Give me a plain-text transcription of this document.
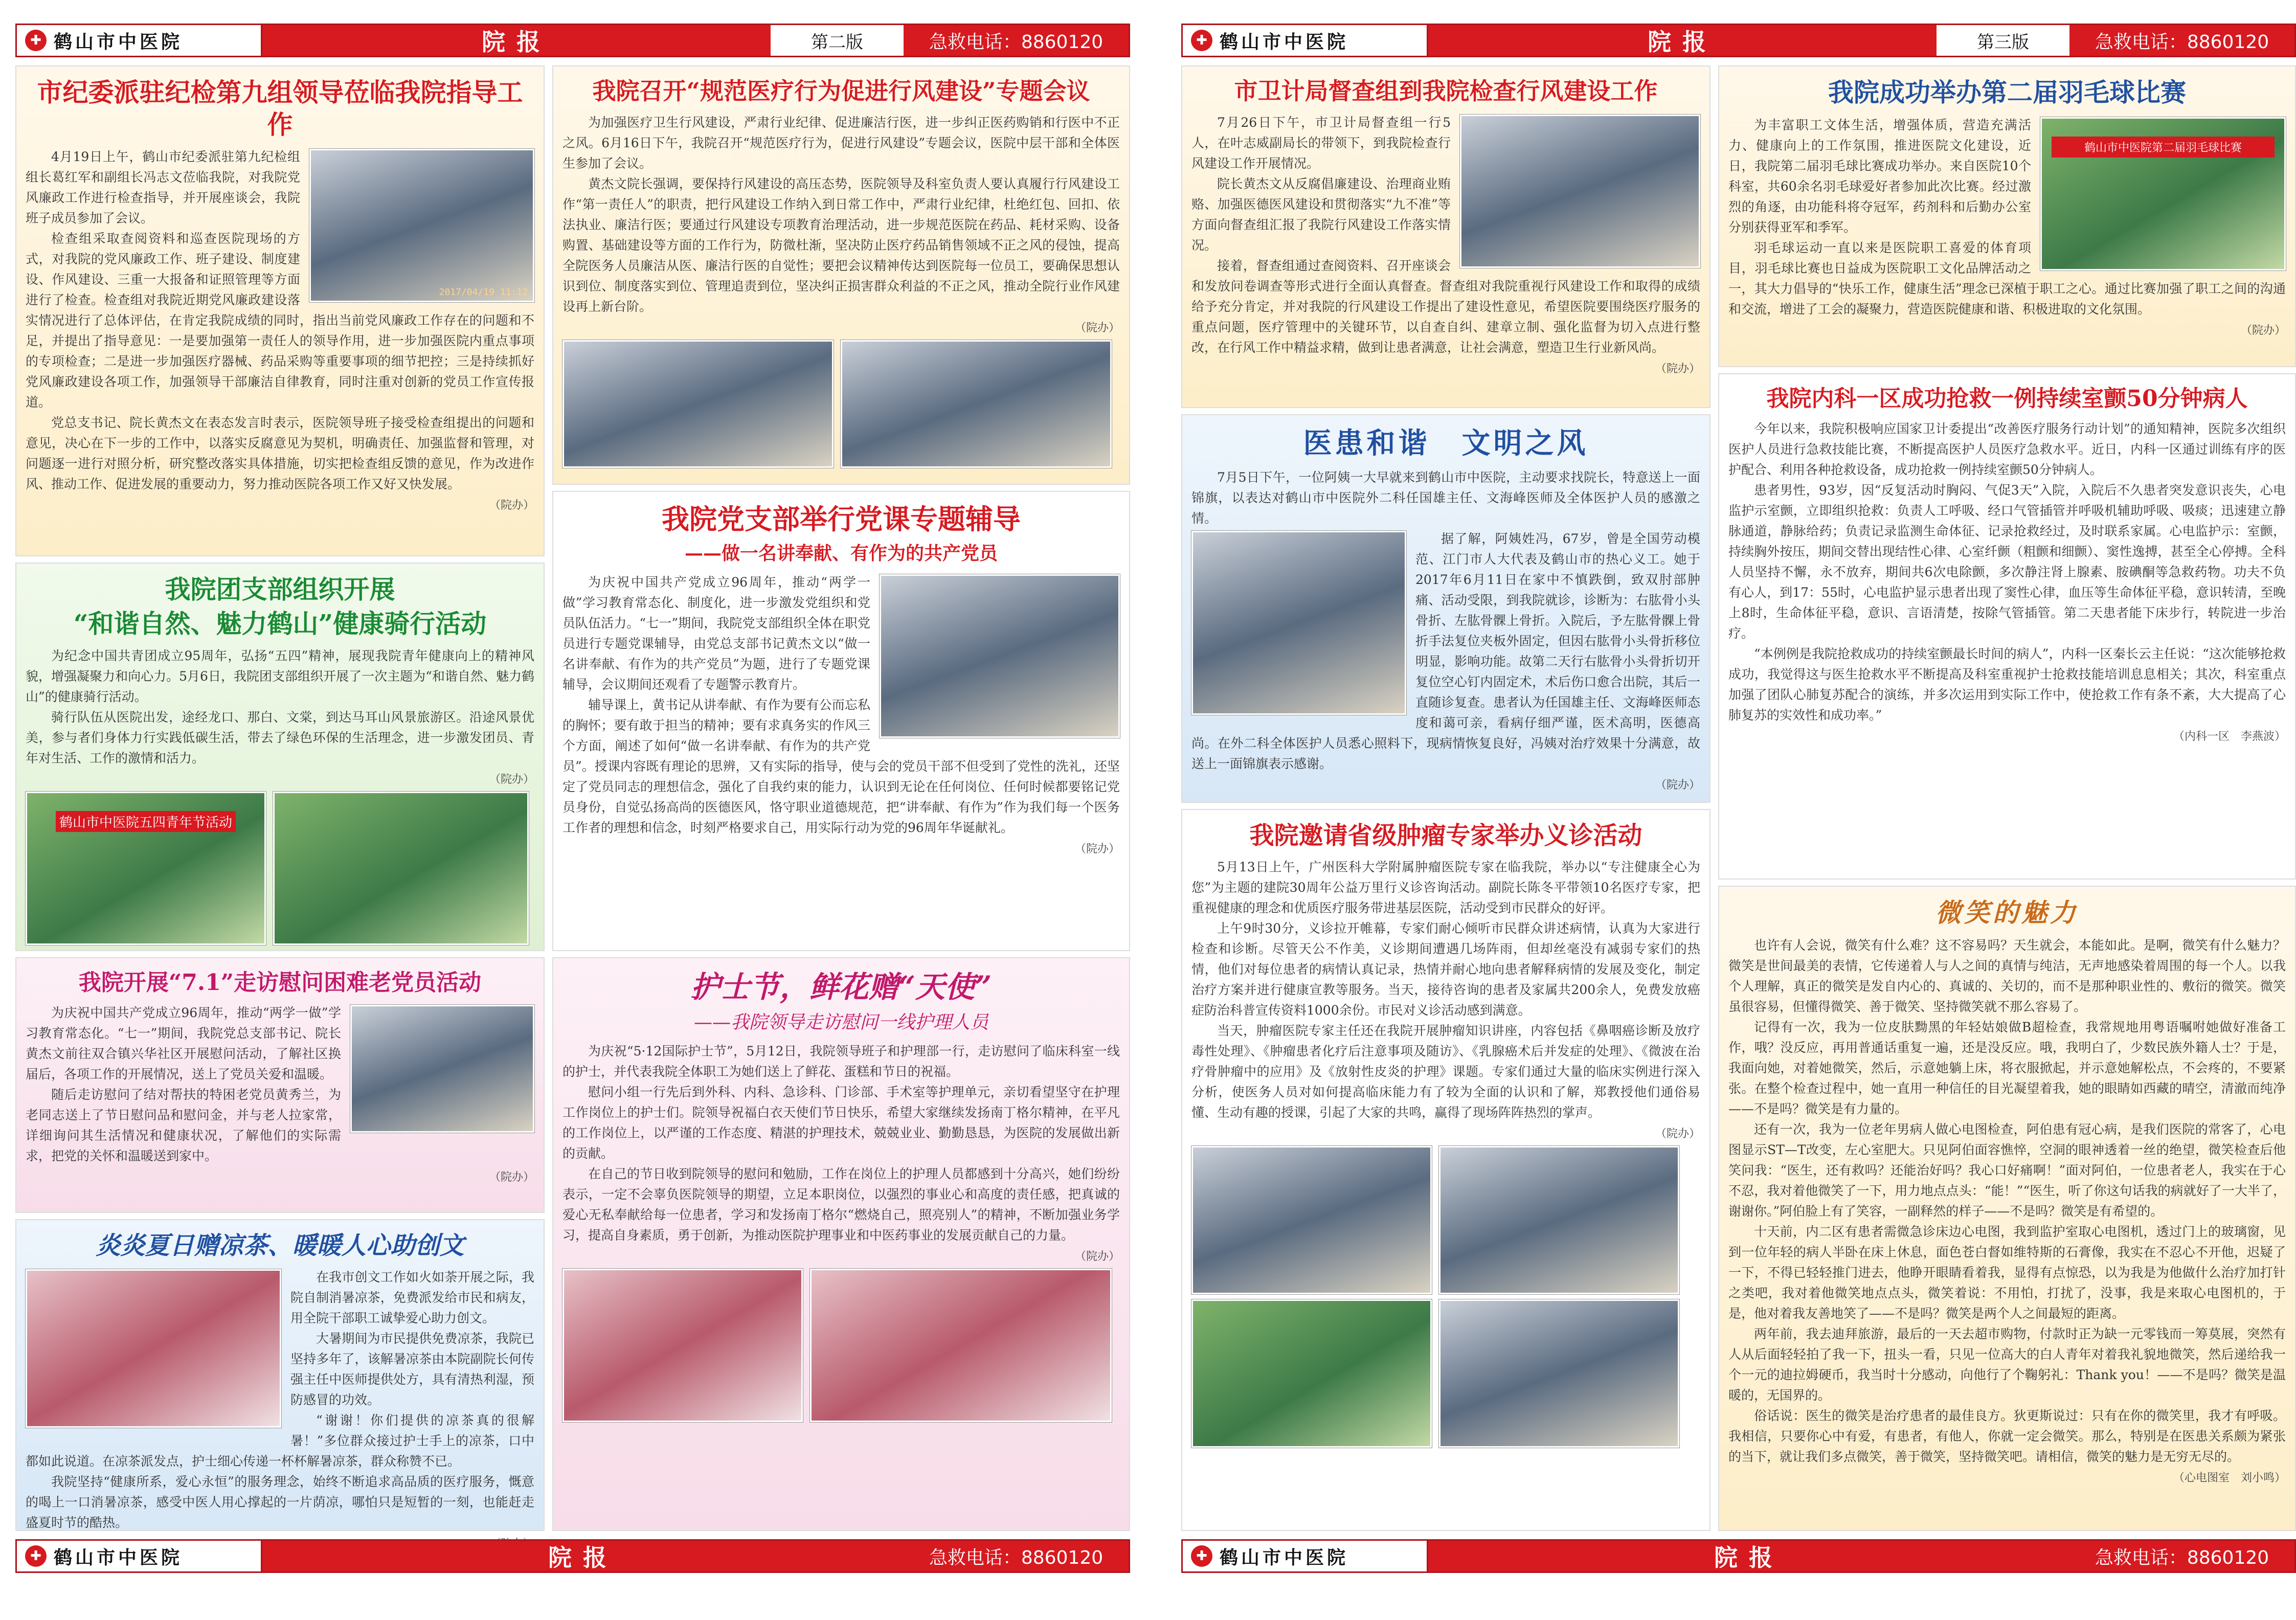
✚ 鹤山市中医院	院报	第二版	急救电话：8860120
市纪委派驻纪检第九组领导莅临我院指导工作
2017/04/19 11:12

4月19日上午，鹤山市纪委派驻第九纪检组组长葛红军和副组长冯志文莅临我院，对我院党风廉政工作进行检查指导，并开展座谈会，我院班子成员参加了会议。

检查组采取查阅资料和巡查医院现场的方式，对我院的党风廉政工作、班子建设、制度建设、作风建设、三重一大报备和证照管理等方面进行了检查。检查组对我院近期党风廉政建设落实情况进行了总体评估，在肯定我院成绩的同时，指出当前党风廉政工作存在的问题和不足，并提出了指导意见：一是要加强第一责任人的领导作用，进一步加强医院内重点事项的专项检查；二是进一步加强医疗器械、药品采购等重要事项的细节把控；三是持续抓好党风廉政建设各项工作，加强领导干部廉洁自律教育，同时注重对创新的党员工作宣传报道。

党总支书记、院长黄杰文在表态发言时表示，医院领导班子接受检查组提出的问题和意见，决心在下一步的工作中，以落实反腐意见为契机，明确责任、加强监督和管理，对问题逐一进行对照分析，研究整改落实具体措施，切实把检查组反馈的意见，作为改进作风、推动工作、促进发展的重要动力，努力推动医院各项工作又好又快发展。

（院办）
我院团支部组织开展
“和谐自然、魅力鹤山”健康骑行活动

为纪念中国共青团成立95周年，弘扬“五四”精神，展现我院青年健康向上的精神风貌，增强凝聚力和向心力。5月6日，我院团支部组织开展了一次主题为“和谐自然、魅力鹤山”的健康骑行活动。

骑行队伍从医院出发，途经龙口、那白、文棠，到达马耳山风景旅游区。沿途风景优美，参与者们身体力行实践低碳生活，带去了绿色环保的生活理念，进一步激发团员、青年对生活、工作的激情和活力。

（院办）
鹤山市中医院五四青年节活动
我院开展“7.1”走访慰问困难老党员活动

为庆祝中国共产党成立96周年，推动“两学一做”学习教育常态化。“七一”期间，我院党总支部书记、院长黄杰文前往双合镇兴华社区开展慰问活动，了解社区换届后，各项工作的开展情况，送上了党员关爱和温暖。

随后走访慰问了结对帮扶的特困老党员黄秀兰，为老同志送上了节日慰问品和慰问金，并与老人拉家常，详细询问其生活情况和健康状况，了解他们的实际需求，把党的关怀和温暖送到家中。

（院办）
炎炎夏日赠凉茶、暖暖人心助创文

在我市创文工作如火如荼开展之际，我院自制消暑凉茶，免费派发给市民和病友，用全院干部职工诚挚爱心助力创文。

大暑期间为市民提供免费凉茶，我院已坚持多年了，该解暑凉茶由本院副院长何传强主任中医师提供处方，具有清热利湿，预防感冒的功效。

“谢谢！你们提供的凉茶真的很解暑！”多位群众接过护士手上的凉茶，口中都如此说道。在凉茶派发点，护士细心传递一杯杯解暑凉茶，群众称赞不已。

我院坚持“健康所系，爱心永恒”的服务理念，始终不断追求高品质的医疗服务，慨意的喝上一口消暑凉茶，感受中医人用心撑起的一片荫凉，哪怕只是短暂的一刻，也能赶走盛夏时节的酷热。

我院召开“规范医疗行为促进行风建设”专题会议

为加强医疗卫生行风建设，严肃行业纪律、促进廉洁行医，进一步纠正医药购销和行医中不正之风。6月16日下午，我院召开“规范医疗行为，促进行风建设”专题会议，医院中层干部和全体医生参加了会议。

黄杰文院长强调，要保持行风建设的高压态势，医院领导及科室负责人要认真履行行风建设工作“第一责任人”的职责，把行风建设工作纳入到日常工作中，严肃行业纪律，杜绝红包、回扣、依法执业、廉洁行医；要通过行风建设专项教育治理活动，进一步规范医院在药品、耗材采购、设备购置、基础建设等方面的工作行为，防微杜渐，坚决防止医疗药品销售领域不正之风的侵蚀，提高全院医务人员廉洁从医、廉洁行医的自觉性；要把会议精神传达到医院每一位员工，要确保思想认识到位、制度落实到位、管理追责到位，坚决纠正损害群众利益的不正之风，推动全院行业作风建设再上新台阶。

（院办）
我院党支部举行党课专题辅导
——做一名讲奉献、有作为的共产党员

为庆祝中国共产党成立96周年，推动“两学一做”学习教育常态化、制度化，进一步激发党组织和党员队伍活力。“七一”期间，我院党支部组织全体在职党员进行专题党课辅导，由党总支部书记黄杰文以“做一名讲奉献、有作为的共产党员”为题，进行了专题党课辅导，会议期间还观看了专题警示教育片。

辅导课上，黄书记从讲奉献、有作为要有公而忘私的胸怀；要有敢于担当的精神；要有求真务实的作风三个方面，阐述了如何“做一名讲奉献、有作为的共产党员”。授课内容既有理论的思辨，又有实际的指导，使与会的党员干部不但受到了党性的洗礼，还坚定了党员同志的理想信念，强化了自我约束的能力，认识到无论在任何岗位、任何时候都要铭记党员身份，自觉弘扬高尚的医德医风，恪守职业道德规范，把“讲奉献、有作为”作为我们每一个医务工作者的理想和信念，时刻严格要求自己，用实际行动为党的96周年华诞献礼。

（院办）
护士节，鲜花赠“天使”
——我院领导走访慰问一线护理人员

为庆祝“5·12国际护士节”，5月12日，我院领导班子和护理部一行，走访慰问了临床科室一线的护士，并代表我院全体职工为她们送上了鲜花、蛋糕和节日的祝福。

慰问小组一行先后到外科、内科、急诊科、门诊部、手术室等护理单元，亲切看望坚守在护理工作岗位上的护士们。院领导祝福白衣天使们节日快乐，希望大家继续发扬南丁格尔精神，在平凡的工作岗位上，以严谨的工作态度、精湛的护理技术，兢兢业业、勤勤恳恳，为医院的发展做出新的贡献。

在自己的节日收到院领导的慰问和勉励，工作在岗位上的护理人员都感到十分高兴，她们纷纷表示，一定不会辜负医院领导的期望，立足本职岗位，以强烈的事业心和高度的责任感，把真诚的爱心无私奉献给每一位患者，学习和发扬南丁格尔“燃烧自己，照亮别人”的精神，不断加强业务学习，提高自身素质，勇于创新，为推动医院护理事业和中医药事业的发展贡献自己的力量。

（院办）
✚ 鹤山市中医院	院报	急救电话：8860120
✚ 鹤山市中医院	院报	第三版	急救电话：8860120
市卫计局督查组到我院检查行风建设工作

7月26日下午，市卫计局督查组一行5人，在叶志威副局长的带领下，到我院检查行风建设工作开展情况。

院长黄杰文从反腐倡廉建设、治理商业贿赂、加强医德医风建设和贯彻落实“九不准”等方面向督查组汇报了我院行风建设工作落实情况。

接着，督查组通过查阅资料、召开座谈会和发放问卷调查等形式进行全面认真督查。督查组对我院重视行风建设工作和取得的成绩给予充分肯定，并对我院的行风建设工作提出了建设性意见，希望医院要围绕医疗服务的重点问题，医疗管理中的关键环节，以自查自纠、建章立制、强化监督为切入点进行整改，在行风工作中精益求精，做到让患者满意，让社会满意，塑造卫生行业新风尚。

（院办）
医患和谐　文明之风

7月5日下午，一位阿姨一大早就来到鹤山市中医院，主动要求找院长，特意送上一面锦旗，以表达对鹤山市中医院外二科任国雄主任、文海峰医师及全体医护人员的感激之情。

据了解，阿姨姓冯，67岁，曾是全国劳动模范、江门市人大代表及鹤山市的热心义工。她于2017年6月11日在家中不慎跌倒，致双肘部肿痛、活动受限，到我院就诊，诊断为：右肱骨小头骨折、左肱骨髁上骨折。入院后，予左肱骨髁上骨折手法复位夹板外固定，但因右肱骨小头骨折移位明显，影响功能。故第二天行右肱骨小头骨折切开复位空心钉内固定术，术后伤口愈合出院，其后一直随诊复查。患者认为任国雄主任、文海峰医师态度和蔼可亲，看病仔细严谨，医术高明，医德高尚。在外二科全体医护人员悉心照料下，现病情恢复良好，冯姨对治疗效果十分满意，故送上一面锦旗表示感谢。

（院办）
我院邀请省级肿瘤专家举办义诊活动

5月13日上午，广州医科大学附属肿瘤医院专家在临我院，举办以“专注健康全心为您”为主题的建院30周年公益万里行义诊咨询活动。副院长陈冬平带领10名医疗专家，把重视健康的理念和优质医疗服务带进基层医院，活动受到市民群众的好评。

上午9时30分，义诊拉开帷幕，专家们耐心倾听市民群众讲述病情，认真为大家进行检查和诊断。尽管天公不作美，义诊期间遭遇几场阵雨，但却丝毫没有减弱专家们的热情，他们对每位患者的病情认真记录，热情并耐心地向患者解释病情的发展及变化，制定治疗方案并进行健康宣教等服务。当天，接待咨询的患者及家属共200余人，免费发放癌症防治科普宣传资料1000余份。市民对义诊活动感到满意。

当天，肿瘤医院专家主任还在我院开展肿瘤知识讲座，内容包括《鼻咽癌诊断及放疗毒性处理》、《肿瘤患者化疗后注意事项及随访》、《乳腺癌术后并发症的处理》、《微波在治疗骨肿瘤中的应用》及《放射性皮炎的护理》课题。专家们通过大量的临床实例进行深入分析，使医务人员对如何提高临床能力有了较为全面的认识和了解，郑教授他们通俗易懂、生动有趣的授课，引起了大家的共鸣，赢得了现场阵阵热烈的掌声。

（院办）
我院成功举办第二届羽毛球比赛
鹤山市中医院第二届羽毛球比赛

为丰富职工文体生活，增强体质，营造充满活力、健康向上的工作氛围，推进医院文化建设，近日，我院第二届羽毛球比赛成功举办。来自医院10个科室，共60余名羽毛球爱好者参加此次比赛。经过激烈的角逐，由功能科将夺冠军，药剂科和后勤办公室分别获得亚军和季军。

羽毛球运动一直以来是医院职工喜爱的体育项目，羽毛球比赛也日益成为医院职工文化品牌活动之一，其大力倡导的“快乐工作，健康生活”理念已深植于职工之心。通过比赛加强了职工之间的沟通和交流，增进了工会的凝聚力，营造医院健康和谐、积极进取的文化氛围。

（院办）
我院内科一区成功抢救一例持续室颤50分钟病人

今年以来，我院积极响应国家卫计委提出“改善医疗服务行动计划”的通知精神，医院多次组织医护人员进行急救技能比赛，不断提高医护人员医疗急救水平。近日，内科一区通过训练有序的医护配合、利用各种抢救设备，成功抢救一例持续室颤50分钟病人。

患者男性，93岁，因“反复活动时胸闷、气促3天”入院，入院后不久患者突发意识丧失，心电监护示室颤，立即组织抢救：负责人工呼吸、经口气管插管并呼吸机辅助呼吸、吸痰；迅速建立静脉通道，静脉给药；负责记录监测生命体征、记录抢救经过，及时联系家属。心电监护示：室颤，持续胸外按压，期间交替出现结性心律、心室纤颤（粗颤和细颤）、窦性逸搏，甚至全心停搏。全科人员坚持不懈，永不放弃，期间共6次电除颤，多次静注肾上腺素、胺碘酮等急救药物。功夫不负有心人，到17：55时，心电监护显示患者出现了窦性心律，血压等生命体征平稳，意识转清，至晚上8时，生命体征平稳，意识、言语清楚，按除气管插管。第二天患者能下床步行，转院进一步治疗。

“本例例是我院抢救成功的持续室颤最长时间的病人”，内科一区秦长云主任说：“这次能够抢救成功，我觉得这与医生抢救水平不断提高及科室重视护士抢救技能培训息息相关；其次，科室重点加强了团队心肺复苏配合的演练，并多次运用到实际工作中，使抢救工作有条不紊，大大提高了心肺复苏的实效性和成功率。”

（内科一区　李燕波）
微笑的魅力

也许有人会说，微笑有什么难？这不容易吗？天生就会，本能如此。是啊，微笑有什么魅力？微笑是世间最美的表情，它传递着人与人之间的真情与纯洁，无声地感染着周围的每一个人。以我个人理解，真正的微笑是发自内心的、真诚的、关切的，而不是那种职业性的、敷衍的微笑。微笑虽很容易，但懂得微笑、善于微笑、坚持微笑就不那么容易了。

记得有一次，我为一位皮肤黝黑的年轻姑娘做B超检查，我常规地用粤语嘱咐她做好准备工作，哦？没反应，再用普通话重复一遍，还是没反应。哦，我明白了，少数民族外籍人士？于是，我面向她，对着她微笑，然后，示意她躺上床，将衣服掀起，并示意她解松点，不会疼的，不要紧张。在整个检查过程中，她一直用一种信任的目光凝望着我，她的眼睛如西藏的晴空，清澈而纯净——不是吗？微笑是有力量的。

还有一次，我为一位老年男病人做心电图检查，阿伯患有冠心病，是我们医院的常客了，心电图显示ST—T改变，左心室肥大。只见阿伯面容憔悴，空洞的眼神透着一丝的绝望，微笑检查后他笑问我：“医生，还有救吗？还能治好吗？我心口好痛啊！”面对阿伯，一位患者老人，我实在于心不忍，我对着他微笑了一下，用力地点点头：“能！”“医生，听了你这句话我的病就好了一大半了，谢谢你。”阿伯脸上有了笑容，一副释然的样子——不是吗？微笑是有希望的。

十天前，内二区有患者需微急诊床边心电图，我到监护室取心电图机，透过门上的玻璃窗，见到一位年轻的病人半卧在床上休息，面色苍白督如维特斯的石膏像，我实在不忍心不开他，迟疑了一下，不得已轻轻推门进去，他睁开眼睛看着我，显得有点惊恐，以为我是为他做什么治疗加打针之类吧，我对着他微笑地点点头，微笑着说：不用怕，打扰了，没事，我是来取心电图机的，于是，他对着我友善地笑了——不是吗？微笑是两个人之间最短的距离。

两年前，我去迪拜旅游，最后的一天去超市购物，付款时正为缺一元零钱而一筹莫展，突然有人从后面轻轻拍了我一下，扭头一看，只见一位高大的白人青年对着我礼貌地微笑，然后递给我一个一元的迪拉姆硬币，我当时十分感动，向他行了个鞠躬礼：Thank you！——不是吗？微笑是温暖的，无国界的。

俗话说：医生的微笑是治疗患者的最佳良方。狄更斯说过：只有在你的微笑里，我才有呼吸。我相信，只要你心中有爱，有患者，有他人，你就一定会微笑。那么，特别是在医患关系颇为紧张的当下，就让我们多点微笑，善于微笑，坚持微笑吧。请相信，微笑的魅力是无穷无尽的。

（心电图室　刘小鸣）
✚ 鹤山市中医院	院报	急救电话：8860120
